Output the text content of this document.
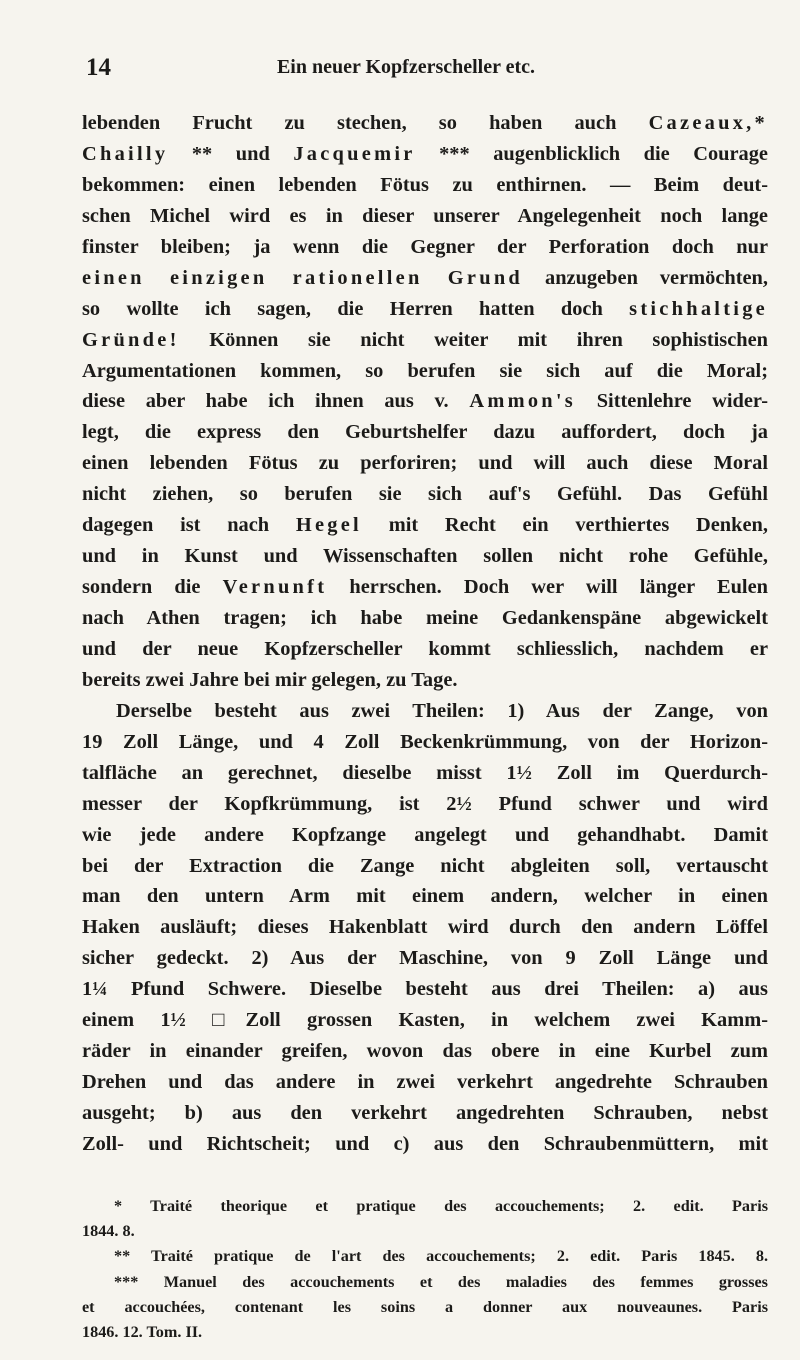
14	Ein neuer Kopfzerscheller etc.
lebenden Frucht zu stechen, so haben auch Cazeaux,*
Chailly ** und Jacquemir *** augenblicklich die Courage
bekommen: einen lebenden Fötus zu enthirnen. — Beim deut-
schen Michel wird es in dieser unserer Angelegenheit noch lange
finster bleiben; ja wenn die Gegner der Perforation doch nur
einen einzigen rationellen Grund anzugeben vermöchten,
so wollte ich sagen, die Herren hatten doch stichhaltige
Gründe! Können sie nicht weiter mit ihren sophistischen
Argumentationen kommen, so berufen sie sich auf die Moral;
diese aber habe ich ihnen aus v. Ammon's Sittenlehre wider-
legt, die express den Geburtshelfer dazu auffordert, doch ja
einen lebenden Fötus zu perforiren; und will auch diese Moral
nicht ziehen, so berufen sie sich auf's Gefühl. Das Gefühl
dagegen ist nach Hegel mit Recht ein verthiertes Denken,
und in Kunst und Wissenschaften sollen nicht rohe Gefühle,
sondern die Vernunft herrschen. Doch wer will länger Eulen
nach Athen tragen; ich habe meine Gedankenspäne abgewickelt
und der neue Kopfzerscheller kommt schliesslich, nachdem er
bereits zwei Jahre bei mir gelegen, zu Tage.
Derselbe besteht aus zwei Theilen: 1) Aus der Zange, von
19 Zoll Länge, und 4 Zoll Beckenkrümmung, von der Horizon-
talfläche an gerechnet, dieselbe misst 1½ Zoll im Querdurch-
messer der Kopfkrümmung, ist 2½ Pfund schwer und wird
wie jede andere Kopfzange angelegt und gehandhabt. Damit
bei der Extraction die Zange nicht abgleiten soll, vertauscht
man den untern Arm mit einem andern, welcher in einen
Haken ausläuft; dieses Hakenblatt wird durch den andern Löffel
sicher gedeckt. 2) Aus der Maschine, von 9 Zoll Länge und
1¼ Pfund Schwere. Dieselbe besteht aus drei Theilen: a) aus
einem 1½ □Zoll grossen Kasten, in welchem zwei Kamm-
räder in einander greifen, wovon das obere in eine Kurbel zum
Drehen und das andere in zwei verkehrt angedrehte Schrauben
ausgeht; b) aus den verkehrt angedrehten Schrauben, nebst
Zoll- und Richtscheit; und c) aus den Schraubenmüttern, mit
* Traité theorique et pratique des accouchements; 2. edit. Paris
1844. 8.
** Traité pratique de l'art des accouchements; 2. edit. Paris 1845. 8.
*** Manuel des accouchements et des maladies des femmes grosses
et accouchées, contenant les soins a donner aux nouveaunes. Paris
1846. 12. Tom. II.
